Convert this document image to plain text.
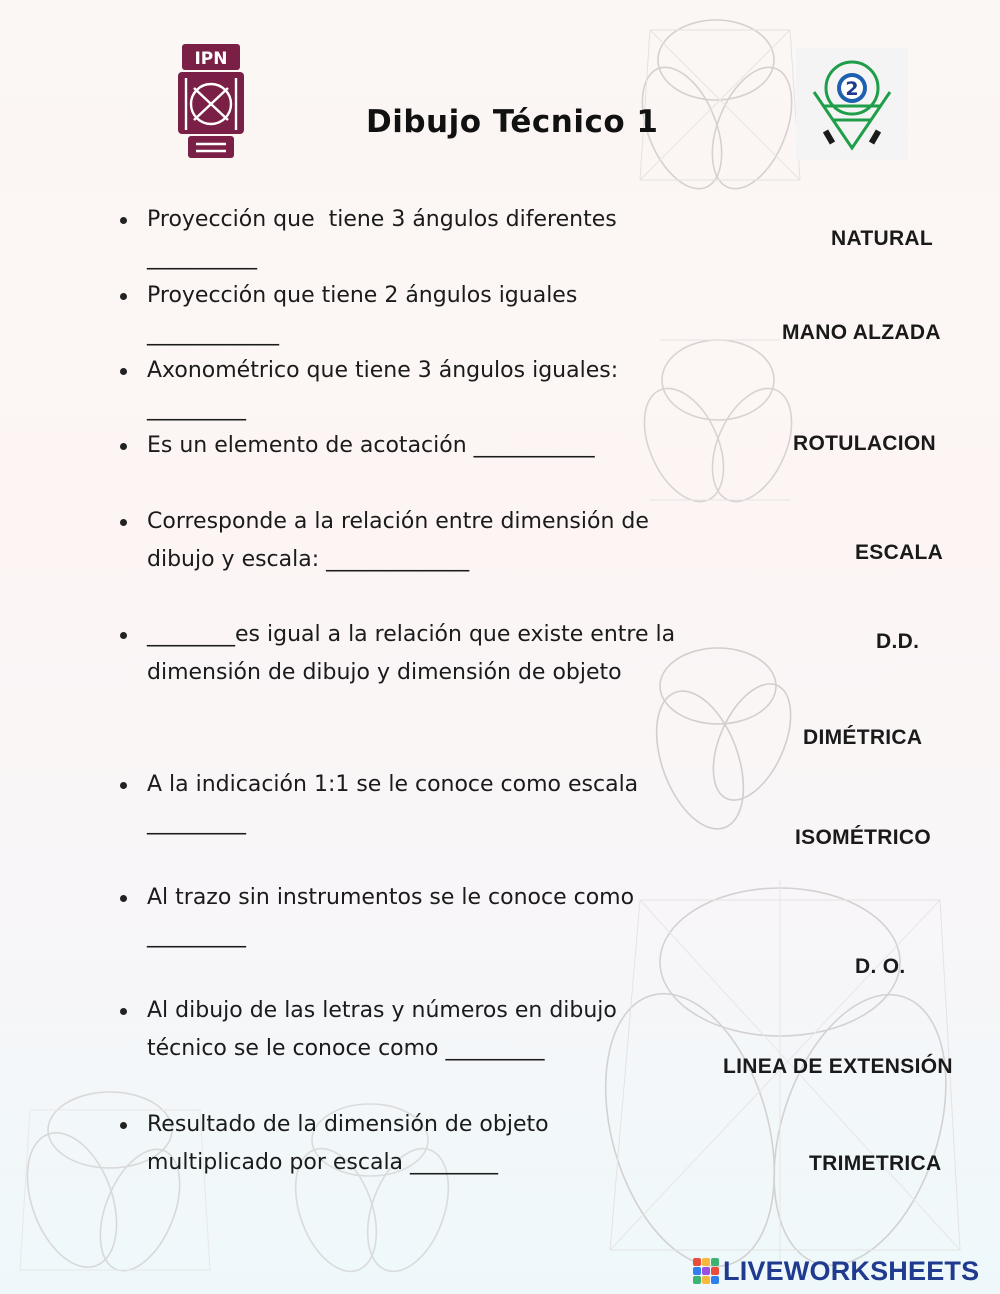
IPN
Dibujo Técnico 1
2
Proyección que  tiene 3 ángulos diferentes __________
Proyección que tiene 2 ángulos iguales ____________
Axonométrico que tiene 3 ángulos iguales: _________
Es un elemento de acotación ___________
Corresponde a la relación entre dimensión de dibujo y escala: _____________
________es igual a la relación que existe entre la dimensión de dibujo y dimensión de objeto
A la indicación 1:1 se le conoce como escala _________
Al trazo sin instrumentos se le conoce como _________
Al dibujo de las letras y números en dibujo técnico se le conoce como _________
Resultado de la dimensión de objeto multiplicado por escala ________
NATURAL
MANO ALZADA
ROTULACION
ESCALA
D.D.
DIMÉTRICA
ISOMÉTRICO
D. O.
LINEA DE EXTENSIÓN
TRIMETRICA
LIVEWORKSHEETS
